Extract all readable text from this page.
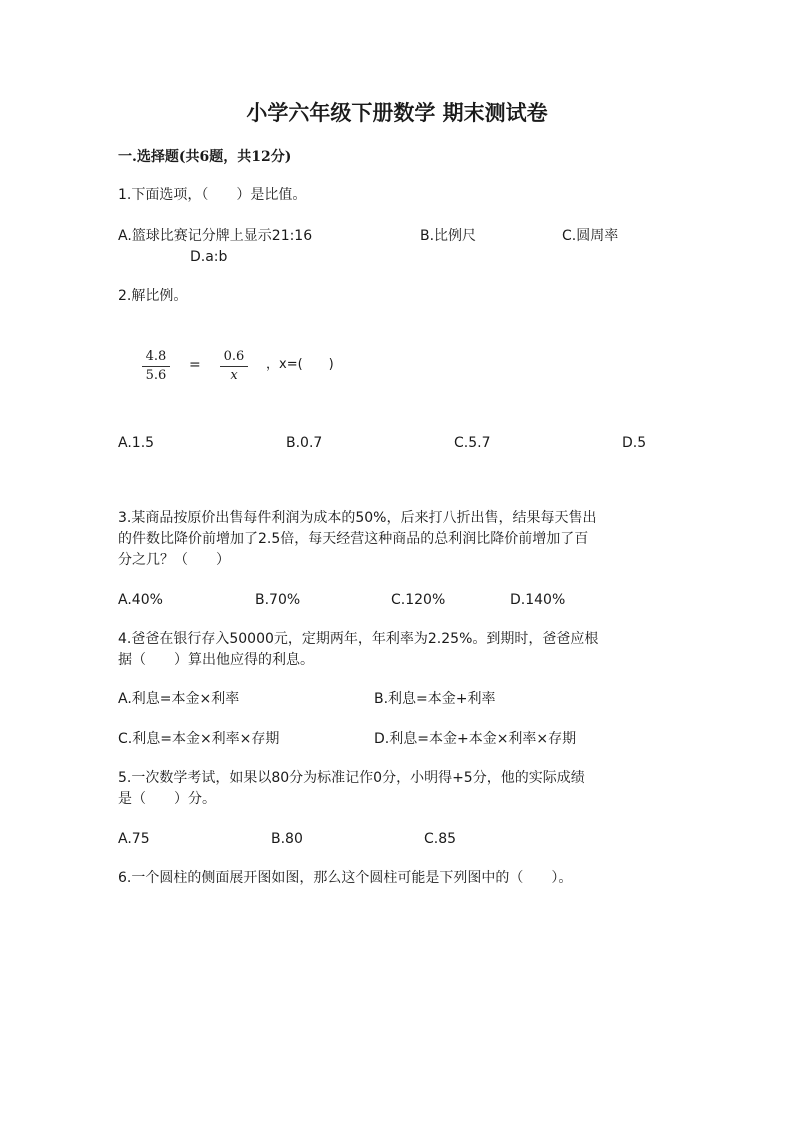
小学六年级下册数学 期末测试卷
一.选择题(共6题，共12分)
1.下面选项，（　　）是比值。
A.篮球比赛记分牌上显示21:16	B.比例尺	C.圆周率
D.a:b
2.解比例。
4.8
5.6
=
0.6
x
，x=(　　)
A.1.5	B.0.7	C.5.7	D.5
3.某商品按原价出售每件利润为成本的50%，后来打八折出售，结果每天售出
的件数比降价前增加了2.5倍，每天经营这种商品的总利润比降价前增加了百
分之几？（　　）
A.40%	B.70%	C.120%	D.140%
4.爸爸在银行存入50000元，定期两年，年利率为2.25%。到期时，爸爸应根
据（　　）算出他应得的利息。
A.利息=本金×利率	B.利息=本金+利率
C.利息=本金×利率×存期	D.利息=本金+本金×利率×存期
5.一次数学考试，如果以80分为标准记作0分，小明得+5分，他的实际成绩
是（　　）分。
A.75	B.80	C.85
6.一个圆柱的侧面展开图如图，那么这个圆柱可能是下列图中的（　　）。
